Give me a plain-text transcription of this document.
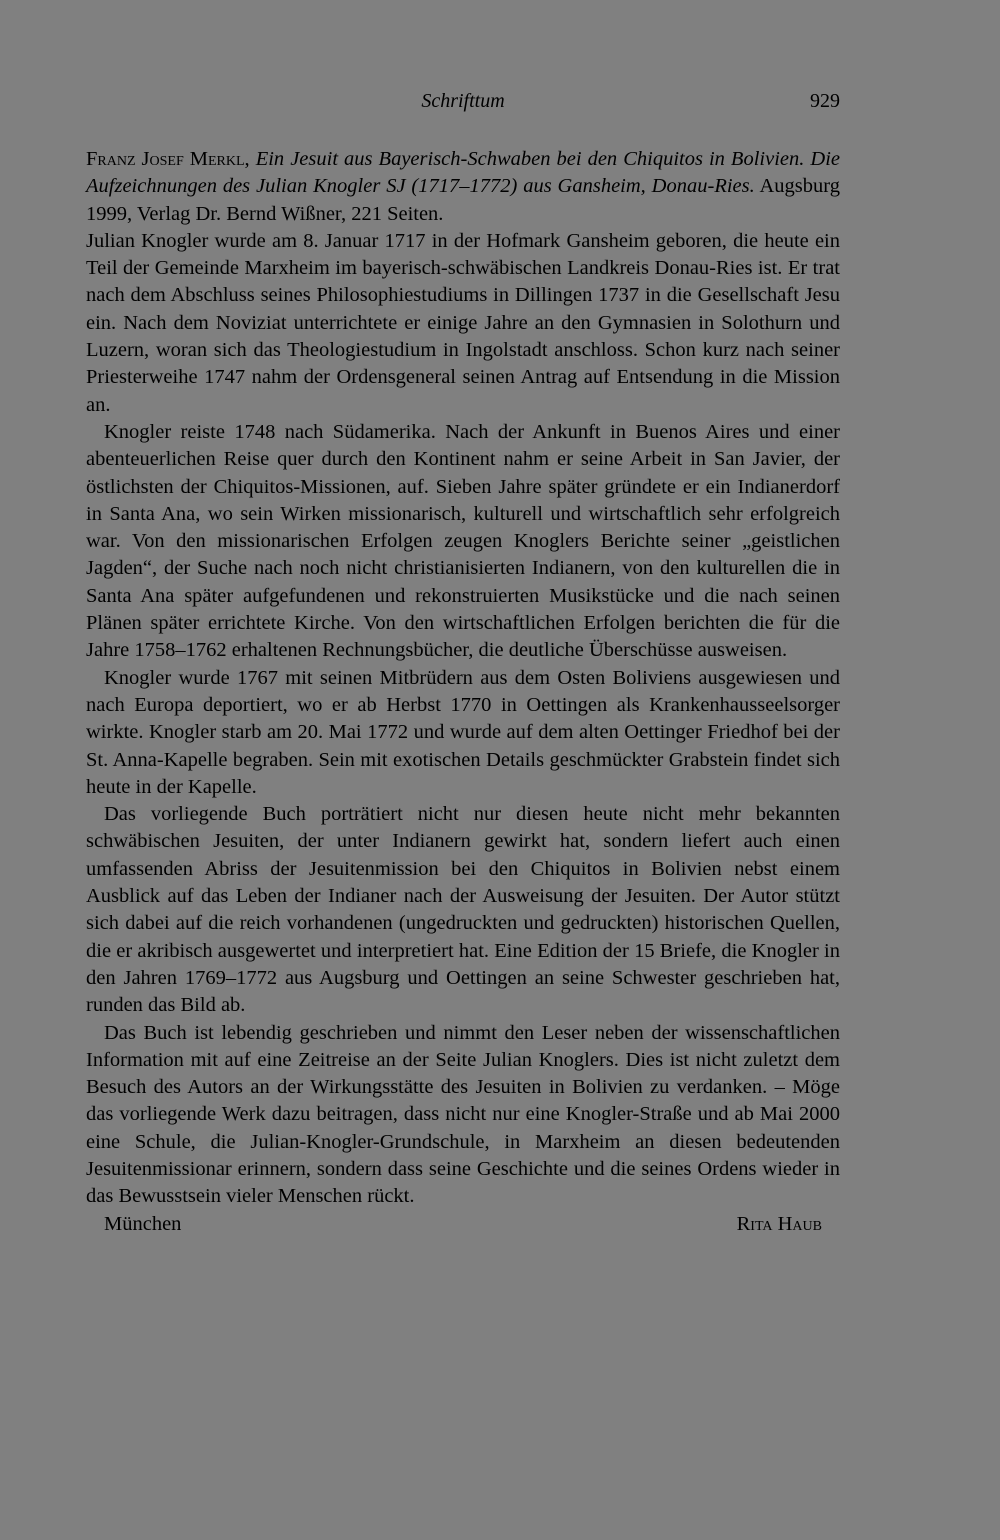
Schrifttum	929

Franz Josef Merkl, Ein Jesuit aus Bayerisch-Schwaben bei den Chiquitos in Bolivien. Die Aufzeichnungen des Julian Knogler SJ (1717–1772) aus Gansheim, Donau-Ries. Augsburg 1999, Verlag Dr. Bernd Wißner, 221 Seiten.

Julian Knogler wurde am 8. Januar 1717 in der Hofmark Gansheim geboren, die heute ein Teil der Gemeinde Marxheim im bayerisch-schwäbischen Landkreis Donau-Ries ist. Er trat nach dem Abschluss seines Philosophiestudiums in Dillingen 1737 in die Gesellschaft Jesu ein. Nach dem Noviziat unterrichtete er einige Jahre an den Gymnasien in Solothurn und Luzern, woran sich das Theologiestudium in Ingolstadt anschloss. Schon kurz nach seiner Priesterweihe 1747 nahm der Ordensgeneral seinen Antrag auf Entsendung in die Mission an.

Knogler reiste 1748 nach Südamerika. Nach der Ankunft in Buenos Aires und einer abenteuerlichen Reise quer durch den Kontinent nahm er seine Arbeit in San Javier, der östlichsten der Chiquitos-Missionen, auf. Sieben Jahre später gründete er ein Indianerdorf in Santa Ana, wo sein Wirken missionarisch, kulturell und wirtschaftlich sehr erfolgreich war. Von den missionarischen Erfolgen zeugen Knoglers Berichte seiner „geistlichen Jagden“, der Suche nach noch nicht christianisierten Indianern, von den kulturellen die in Santa Ana später aufgefundenen und rekonstruierten Musikstücke und die nach seinen Plänen später errichtete Kirche. Von den wirtschaftlichen Erfolgen berichten die für die Jahre 1758–1762 erhaltenen Rechnungsbücher, die deutliche Überschüsse ausweisen.

Knogler wurde 1767 mit seinen Mitbrüdern aus dem Osten Boliviens ausgewiesen und nach Europa deportiert, wo er ab Herbst 1770 in Oettingen als Krankenhausseelsorger wirkte. Knogler starb am 20. Mai 1772 und wurde auf dem alten Oettinger Friedhof bei der St. Anna-Kapelle begraben. Sein mit exotischen Details geschmückter Grabstein findet sich heute in der Kapelle.

Das vorliegende Buch porträtiert nicht nur diesen heute nicht mehr bekannten schwäbischen Jesuiten, der unter Indianern gewirkt hat, sondern liefert auch einen umfassenden Abriss der Jesuitenmission bei den Chiquitos in Bolivien nebst einem Ausblick auf das Leben der Indianer nach der Ausweisung der Jesuiten. Der Autor stützt sich dabei auf die reich vorhandenen (ungedruckten und gedruckten) historischen Quellen, die er akribisch ausgewertet und interpretiert hat. Eine Edition der 15 Briefe, die Knogler in den Jahren 1769–1772 aus Augsburg und Oettingen an seine Schwester geschrieben hat, runden das Bild ab.

Das Buch ist lebendig geschrieben und nimmt den Leser neben der wissenschaftlichen Information mit auf eine Zeitreise an der Seite Julian Knoglers. Dies ist nicht zuletzt dem Besuch des Autors an der Wirkungsstätte des Jesuiten in Bolivien zu verdanken. – Möge das vorliegende Werk dazu beitragen, dass nicht nur eine Knogler-Straße und ab Mai 2000 eine Schule, die Julian-Knogler-Grundschule, in Marxheim an diesen bedeutenden Jesuitenmissionar erinnern, sondern dass seine Geschichte und die seines Ordens wieder in das Bewusstsein vieler Menschen rückt.

München	Rita Haub
